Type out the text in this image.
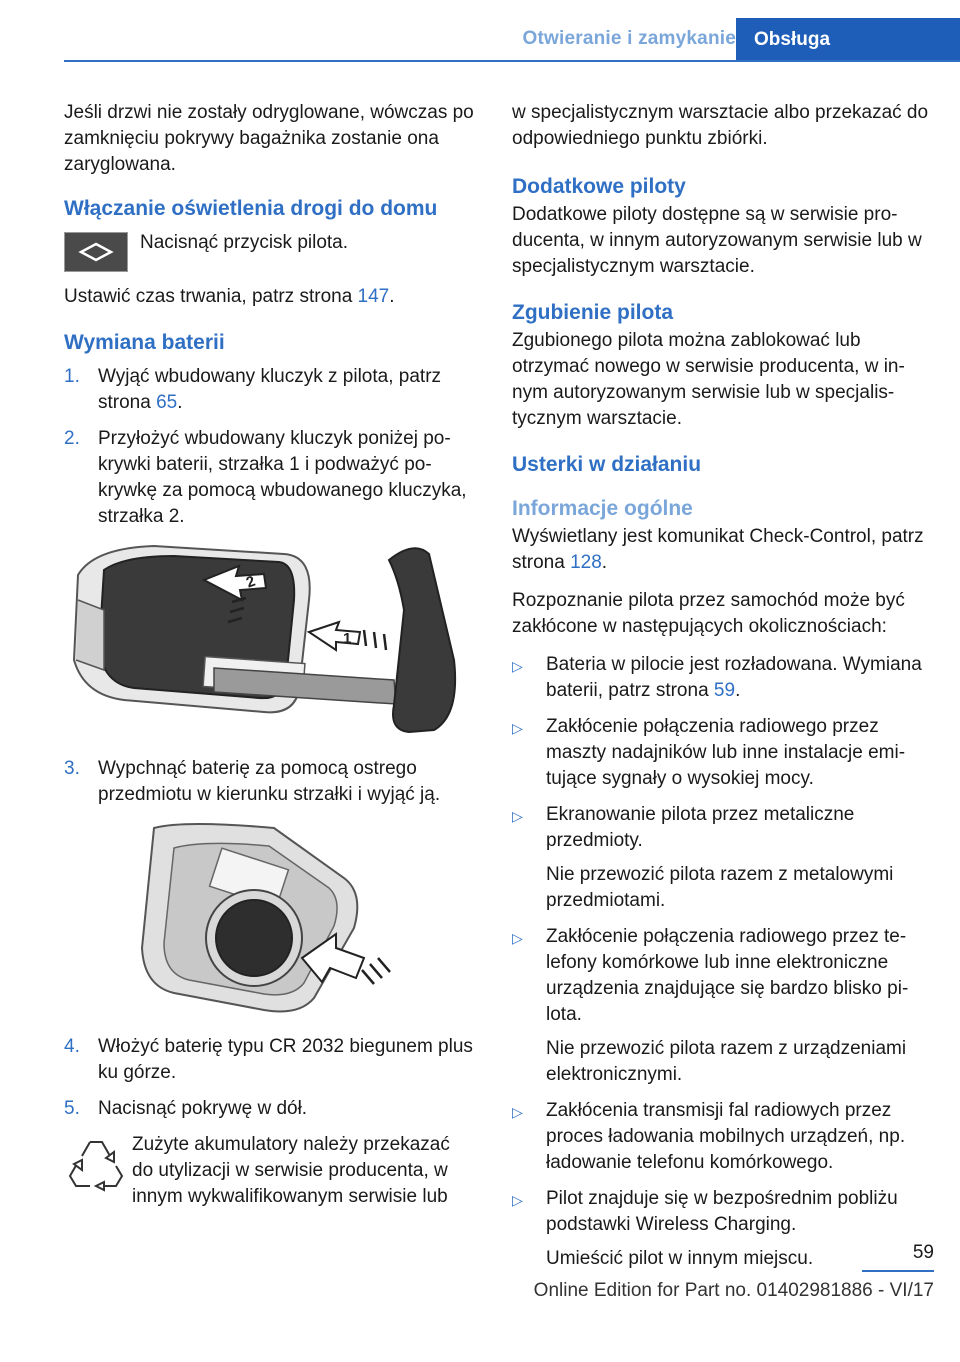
Otwieranie i zamykanie Obsługa

Jeśli drzwi nie zostały odryglowane, wówczas po zamknięciu pokrywy bagażnika zostanie ona zaryglowana.

Włączanie oświetlenia drogi do domu

Nacisnąć przycisk pilota.

Ustawić czas trwania, patrz strona 147.

Wymiana baterii
1. Wyjąć wbudowany kluczyk z pilota, patrz strona 65.
2. Przyłożyć wbudowany kluczyk poniżej pokrywki baterii, strzałka 1 i podważyć pokrywkę za pomocą wbudowanego kluczyka, strzałka 2.
2
1
3. Wypchnąć baterię za pomocą ostrego przedmiotu w kierunku strzałki i wyjąć ją.
4. Włożyć baterię typu CR 2032 biegunem plus ku górze.
5. Nacisnąć pokrywę w dół.

Zużyte akumulatory należy przekazać do utylizacji w serwisie producenta, w innym wykwalifikowanym serwisie lub

w specjalistycznym warsztacie albo przekazać do odpowiedniego punktu zbiórki.

Dodatkowe piloty

Dodatkowe piloty dostępne są w serwisie producenta, w innym autoryzowanym serwisie lub w specjalistycznym warsztacie.

Zgubienie pilota

Zgubionego pilota można zablokować lub otrzymać nowego w serwisie producenta, w innym autoryzowanym serwisie lub w specjalistycznym warsztacie.

Usterki w działaniu
Informacje ogólne

Wyświetlany jest komunikat Check-Control, patrz strona 128.

Rozpoznanie pilota przez samochód może być zakłócone w następujących okolicznościach:

▷	Bateria w pilocie jest rozładowana. Wymiana baterii, patrz strona 59.
▷	Zakłócenie połączenia radiowego przez maszty nadajników lub inne instalacje emitujące sygnały o wysokiej mocy.
▷	Ekranowanie pilota przez metaliczne przedmioty.
Nie przewozić pilota razem z metalowymi przedmiotami.
▷	Zakłócenie połączenia radiowego przez telefony komórkowe lub inne elektroniczne urządzenia znajdujące się bardzo blisko pilota.
Nie przewozić pilota razem z urządzeniami elektronicznymi.
▷	Zakłócenia transmisji fal radiowych przez proces ładowania mobilnych urządzeń, np. ładowanie telefonu komórkowego.
▷	Pilot znajduje się w bezpośrednim pobliżu podstawki Wireless Charging.
Umieścić pilot w innym miejscu.	59
Online Edition for Part no. 01402981886 - VI/17
